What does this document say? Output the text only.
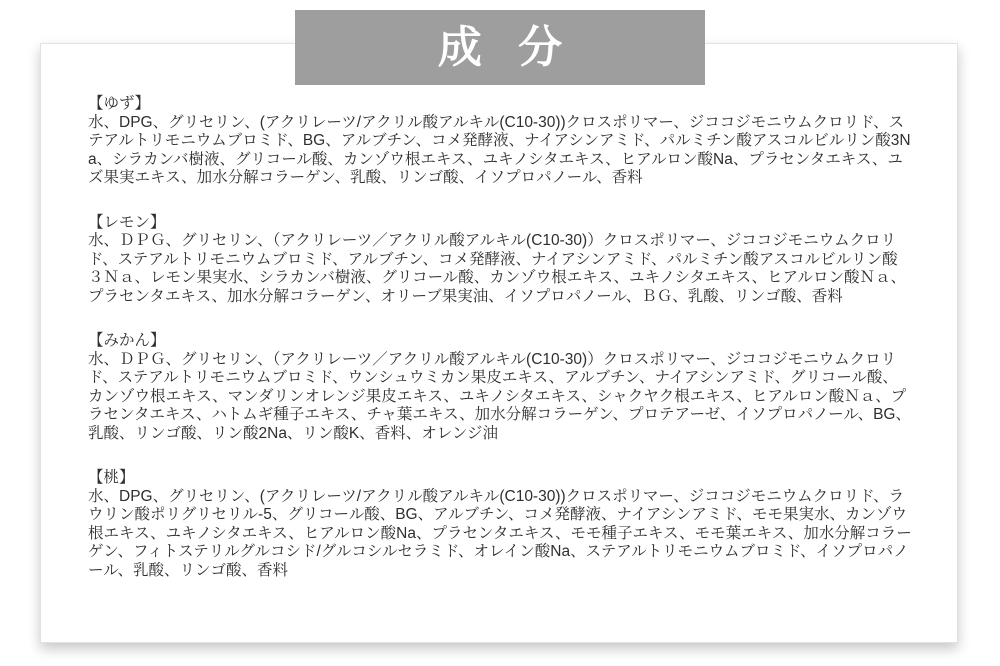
【ゆず】

水、DPG、グリセリン、(アクリレーツ/アクリル酸アルキル(C10-30))クロスポリマー、ジココジモニウムクロリド、ステアルトリモニウムブロミド、BG、アルブチン、コメ発酵液、ナイアシンアミド、パルミチン酸アスコルビルリン酸3Na、シラカンバ樹液、グリコール酸、カンゾウ根エキス、ユキノシタエキス、ヒアルロン酸Na、プラセンタエキス、ユズ果実エキス、加水分解コラーゲン、乳酸、リンゴ酸、イソプロパノール、香料

【レモン】

水、ＤＰＧ、グリセリン、（アクリレーツ／アクリル酸アルキル(C10-30)）クロスポリマー、ジココジモニウムクロリド、ステアルトリモニウムブロミド、アルブチン、コメ発酵液、ナイアシンアミド、パルミチン酸アスコルビルリン酸３Ｎａ、レモン果実水、シラカンバ樹液、グリコール酸、カンゾウ根エキス、ユキノシタエキス、ヒアルロン酸Ｎａ、プラセンタエキス、加水分解コラーゲン、オリーブ果実油、イソプロパノール、ＢＧ、乳酸、リンゴ酸、香料

【みかん】

水、ＤＰＧ、グリセリン、（アクリレーツ／アクリル酸アルキル(C10-30)）クロスポリマー、ジココジモニウムクロリド、ステアルトリモニウムブロミド、ウンシュウミカン果皮エキス、アルブチン、ナイアシンアミド、グリコール酸、カンゾウ根エキス、マンダリンオレンジ果皮エキス、ユキノシタエキス、シャクヤク根エキス、ヒアルロン酸Ｎａ、プラセンタエキス、ハトムギ種子エキス、チャ葉エキス、加水分解コラーゲン、プロテアーゼ、イソプロパノール、BG、乳酸、リンゴ酸、リン酸2Na、リン酸K、香料、オレンジ油

【桃】

水、DPG、グリセリン、(アクリレーツ/アクリル酸アルキル(C10-30))クロスポリマー、ジココジモニウムクロリド、ラウリン酸ポリグリセリル-5、グリコール酸、BG、アルブチン、コメ発酵液、ナイアシンアミド、モモ果実水、カンゾウ根エキス、ユキノシタエキス、ヒアルロン酸Na、プラセンタエキス、モモ種子エキス、モモ葉エキス、加水分解コラーゲン、フィトステリルグルコシド/グルコシルセラミド、オレイン酸Na、ステアルトリモニウムブロミド、イソプロパノール、乳酸、リンゴ酸、香料

成 分
